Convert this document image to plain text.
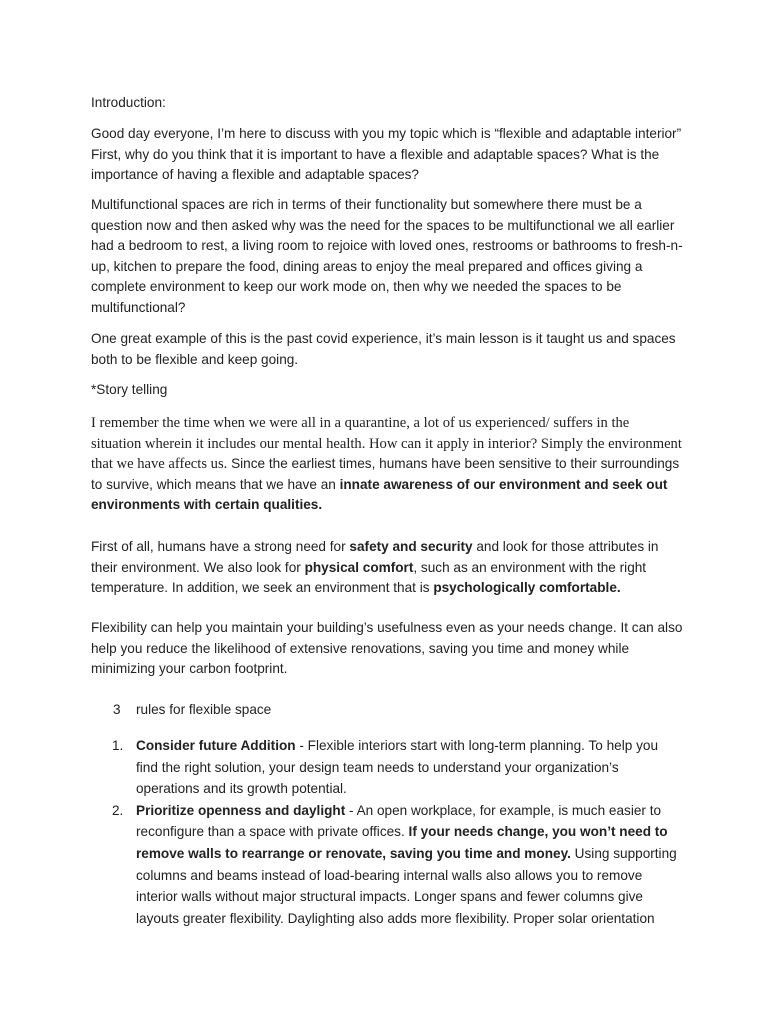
Introduction:

Good day everyone, I’m here to discuss with you my topic which is “flexible and adaptable interior” First, why do you think that it is important to have a flexible and adaptable spaces? What is the importance of having a flexible and adaptable spaces?

Multifunctional spaces are rich in terms of their functionality but somewhere there must be a question now and then asked why was the need for the spaces to be multifunctional we all earlier had a bedroom to rest, a living room to rejoice with loved ones, restrooms or bathrooms to fresh-n-up, kitchen to prepare the food, dining areas to enjoy the meal prepared and offices giving a complete environment to keep our work mode on, then why we needed the spaces to be multifunctional?

One great example of this is the past covid experience, it’s main lesson is it taught us and spaces both to be flexible and keep going.

*Story telling

I remember the time when we were all in a quarantine, a lot of us experienced/ suffers in the situation wherein it includes our mental health. How can it apply in interior? Simply the environment that we have affects us. Since the earliest times, humans have been sensitive to their surroundings to survive, which means that we have an innate awareness of our environment and seek out environments with certain qualities.

First of all, humans have a strong need for safety and security and look for those attributes in their environment. We also look for physical comfort, such as an environment with the right temperature. In addition, we seek an environment that is psychologically comfortable.

Flexibility can help you maintain your building’s usefulness even as your needs change. It can also help you reduce the likelihood of extensive renovations, saving you time and money while minimizing your carbon footprint.

3 rules for flexible space
1. Consider future Addition - Flexible interiors start with long-term planning. To help you find the right solution, your design team needs to understand your organization’s operations and its growth potential.
2. Prioritize openness and daylight - An open workplace, for example, is much easier to reconfigure than a space with private offices. If your needs change, you won’t need to remove walls to rearrange or renovate, saving you time and money. Using supporting columns and beams instead of load-bearing internal walls also allows you to remove interior walls without major structural impacts. Longer spans and fewer columns give layouts greater flexibility. Daylighting also adds more flexibility. Proper solar orientation
